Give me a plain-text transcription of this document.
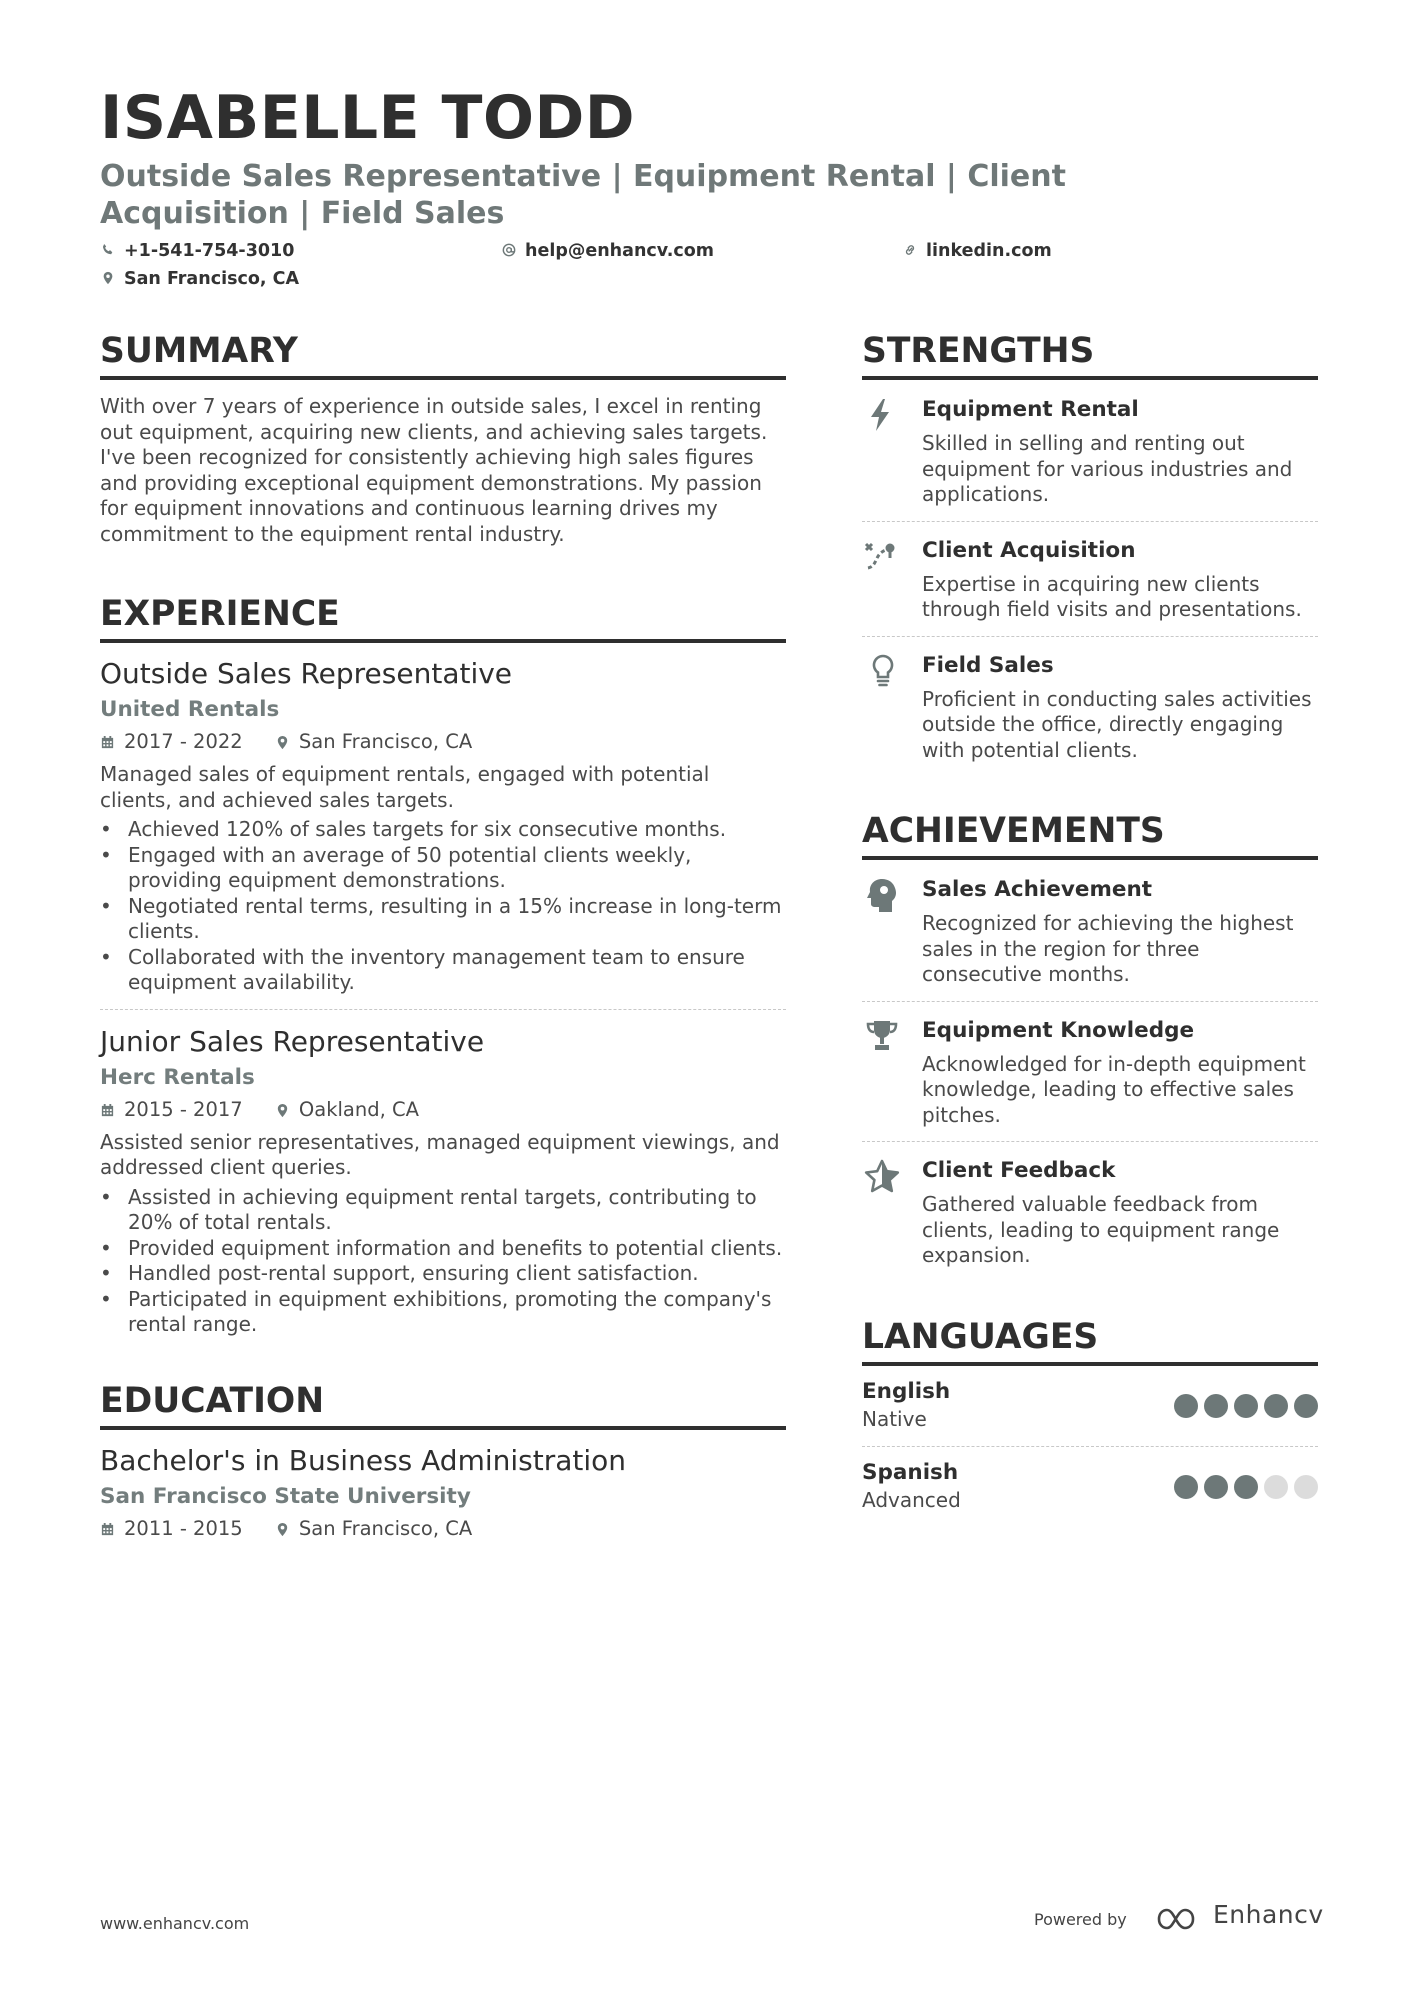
ISABELLE TODD

Outside Sales Representative | Equipment Rental | Client Acquisition | Field Sales

+1-541-754-3010	help@enhancv.com	linkedin.com
San Francisco, CA
SUMMARY

With over 7 years of experience in outside sales, I excel in renting out equipment, acquiring new clients, and achieving sales targets. I've been recognized for consistently achieving high sales figures and providing exceptional equipment demonstrations. My passion for equipment innovations and continuous learning drives my commitment to the equipment rental industry.

EXPERIENCE

Outside Sales Representative

United Rentals

2017 - 2022	San Francisco, CA

Managed sales of equipment rentals, engaged with potential clients, and achieved sales targets.

• Achieved 120% of sales targets for six consecutive months.
• Engaged with an average of 50 potential clients weekly, providing equipment demonstrations.
• Negotiated rental terms, resulting in a 15% increase in long-term clients.
• Collaborated with the inventory management team to ensure equipment availability.

Junior Sales Representative

Herc Rentals

2015 - 2017	Oakland, CA

Assisted senior representatives, managed equipment viewings, and addressed client queries.

• Assisted in achieving equipment rental targets, contributing to 20% of total rentals.
• Provided equipment information and benefits to potential clients.
• Handled post-rental support, ensuring client satisfaction.
• Participated in equipment exhibitions, promoting the company's rental range.
EDUCATION

Bachelor's in Business Administration

San Francisco State University

2011 - 2015	San Francisco, CA
STRENGTHS

Equipment Rental

Skilled in selling and renting out equipment for various industries and applications.

Client Acquisition

Expertise in acquiring new clients through field visits and presentations.

Field Sales

Proficient in conducting sales activities outside the office, directly engaging with potential clients.

ACHIEVEMENTS

Sales Achievement

Recognized for achieving the highest sales in the region for three consecutive months.

Equipment Knowledge

Acknowledged for in-depth equipment knowledge, leading to effective sales pitches.

Client Feedback

Gathered valuable feedback from clients, leading to equipment range expansion.

LANGUAGES
English
Native
Spanish
Advanced
www.enhancv.com	Powered by	Enhancv
